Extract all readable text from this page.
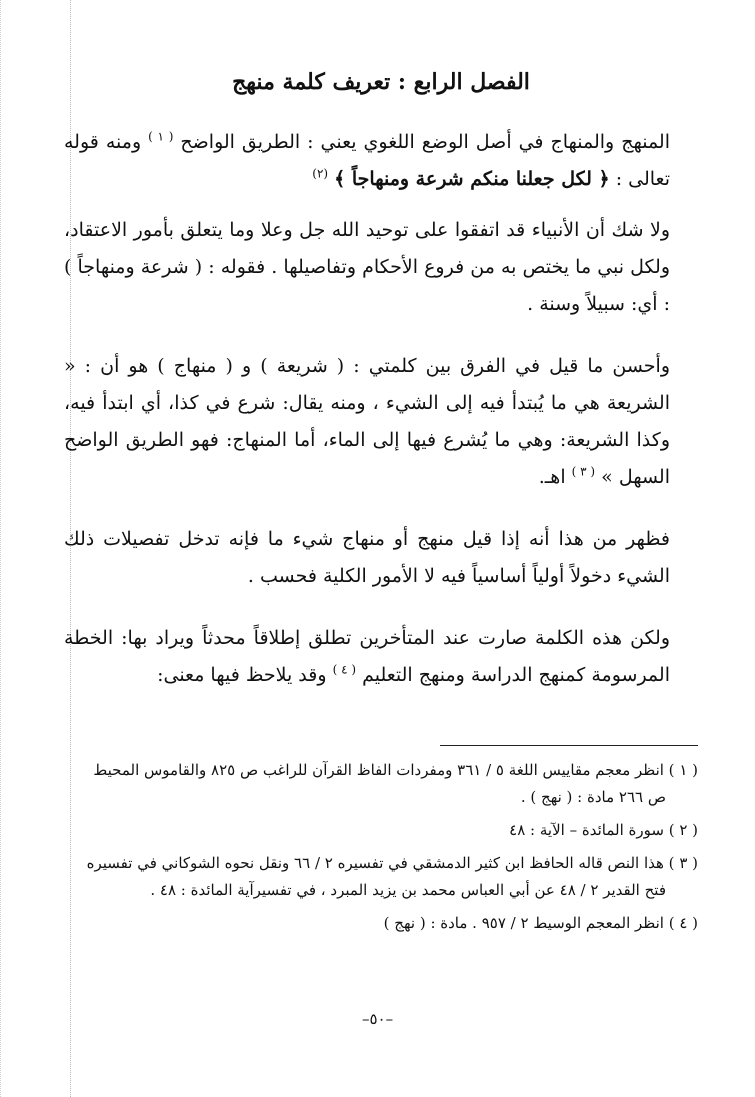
الفصل الرابع : تعريف كلمة منهج

المنهج والمنهاج في أصل الوضع اللغوي يعني : الطريق الواضح $^{( ١ )}$ ومنه قوله تعالى : ﴿ لكل جعلنا منكم شرعة ومنهاجاً ﴾ $^{(٢)}$

ولا شك أن الأنبياء قد اتفقوا على توحيد الله جل وعلا وما يتعلق بأمور الاعتقاد، ولكل نبي ما يختص به من فروع الأحكام وتفاصيلها . فقوله : ( شرعة ومنهاجاً ) : أي: سبيلاً وسنة .

وأحسن ما قيل في الفرق بين كلمتي : ( شريعة ) و ( منهاج ) هو أن : « الشريعة هي ما يُبتدأ فيه إلى الشيء ، ومنه يقال: شرع في كذا، أي ابتدأ فيه، وكذا الشريعة: وهي ما يُشرع فيها إلى الماء، أما المنهاج: فهو الطريق الواضح السهل » $^{( ٣ )}$ اهـ.

فظهر من هذا أنه إذا قيل منهج أو منهاج شيء ما فإنه تدخل تفصيلات ذلك الشيء دخولاً أولياً أساسياً فيه لا الأمور الكلية فحسب .

ولكن هذه الكلمة صارت عند المتأخرين تطلق إطلاقاً محدثاً ويراد بها: الخطة المرسومة كمنهج الدراسة ومنهج التعليم $^{( ٤ )}$ وقد يلاحظ فيها معنى:

( ١ ) انظر معجم مقاييس اللغة ٥ / ٣٦١ ومفردات الفاظ القرآن للراغب ص ٨٢٥ والقاموس المحيط
ص ٢٦٦ مادة : ( نهج ) .

( ٢ ) سورة المائدة – الآية : ٤٨

( ٣ ) هذا النص قاله الحافظ ابن كثير الدمشقي في تفسيره ٢ / ٦٦ ونقل نحوه الشوكاني في تفسيره
فتح القدير ٢ / ٤٨ عن أبي العباس محمد بن يزيد المبرد ، في تفسيرآية المائدة : ٤٨ .

( ٤ ) انظر المعجم الوسيط ٢ / ٩٥٧ . مادة : ( نهج )

–٥٠–
